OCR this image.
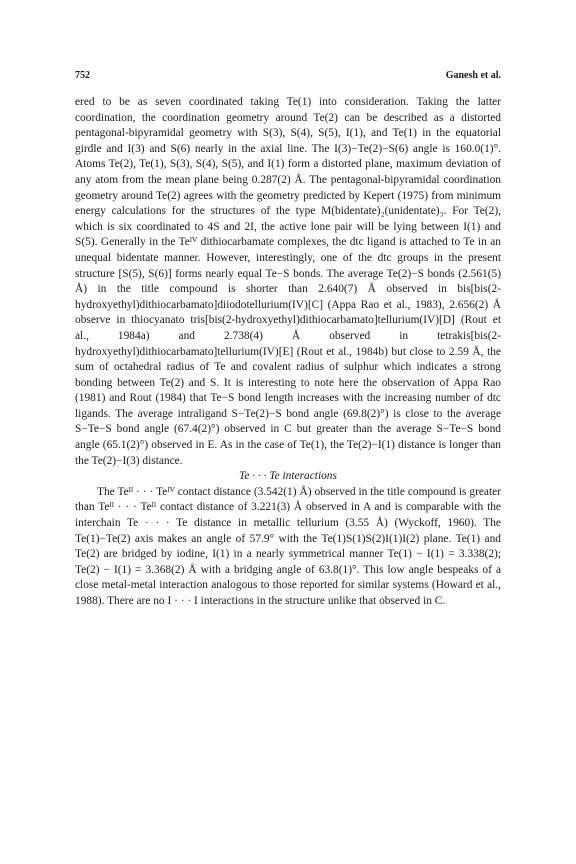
752	Ganesh et al.

ered to be as seven coordinated taking Te(1) into consideration. Taking the latter coordination, the coordination geometry around Te(2) can be described as a distorted pentagonal-bipyramidal geometry with S(3), S(4), S(5), I(1), and Te(1) in the equatorial girdle and I(3) and S(6) nearly in the axial line. The I(3)−Te(2)−S(6) angle is 160.0(1)°. Atoms Te(2), Te(1), S(3), S(4), S(5), and I(1) form a distorted plane, maximum deviation of any atom from the mean plane being 0.287(2) Å. The pentagonal-bipyramidal coordination geometry around Te(2) agrees with the geometry predicted by Kepert (1975) from minimum energy calculations for the structures of the type M(bidentate)₂(unidentate)₃. For Te(2), which is six coordinated to 4S and 2I, the active lone pair will be lying between I(1) and S(5). Generally in the Teᴵⱽ dithiocarbamate complexes, the dtc ligand is attached to Te in an unequal bidentate manner. However, interestingly, one of the dtc groups in the present structure [S(5), S(6)] forms nearly equal Te−S bonds. The average Te(2)−S bonds (2.561(5) Å) in the title compound is shorter than 2.640(7) Å observed in bis[bis(2-hydroxyethyl)dithiocarbamato]diiodotellurium(IV)[C] (Appa Rao et al., 1983), 2.656(2) Å observe in thiocyanato tris[bis(2-hydroxyethyl)dithiocarbamato]tellurium(IV)[D] (Rout et al., 1984a) and 2.738(4) Å observed in tetrakis[bis(2-hydroxyethyl)dithiocarbamato]tellurium(IV)[E] (Rout et al., 1984b) but close to 2.59 Å, the sum of octahedral radius of Te and covalent radius of sulphur which indicates a strong bonding between Te(2) and S. It is interesting to note here the observation of Appa Rao (1981) and Rout (1984) that Te−S bond length increases with the increasing number of dtc ligands. The average intraligand S−Te(2)−S bond angle (69.8(2)°) is close to the average S−Te−S bond angle (67.4(2)°) observed in C but greater than the average S−Te−S bond angle (65.1(2)°) observed in E. As in the case of Te(1), the Te(2)−I(1) distance is longer than the Te(2)−I(3) distance.

Te · · · Te interactions

The Teᴵᴵ · · · Teᴵⱽ contact distance (3.542(1) Å) observed in the title compound is greater than Teᴵᴵ · · · Teᴵᴵ contact distance of 3.221(3) Å observed in A and is comparable with the interchain Te · · · Te distance in metallic tellurium (3.55 Å) (Wyckoff, 1960). The Te(1)−Te(2) axis makes an angle of 57.9° with the Te(1)S(1)S(2)I(1)I(2) plane. Te(1) and Te(2) are bridged by iodine, I(1) in a nearly symmetrical manner Te(1) − I(1) = 3.338(2); Te(2) − I(1) = 3.368(2) Å with a bridging angle of 63.8(1)°. This low angle bespeaks of a close metal-metal interaction analogous to those reported for similar systems (Howard et al., 1988). There are no I · · · I interactions in the structure unlike that observed in C.
